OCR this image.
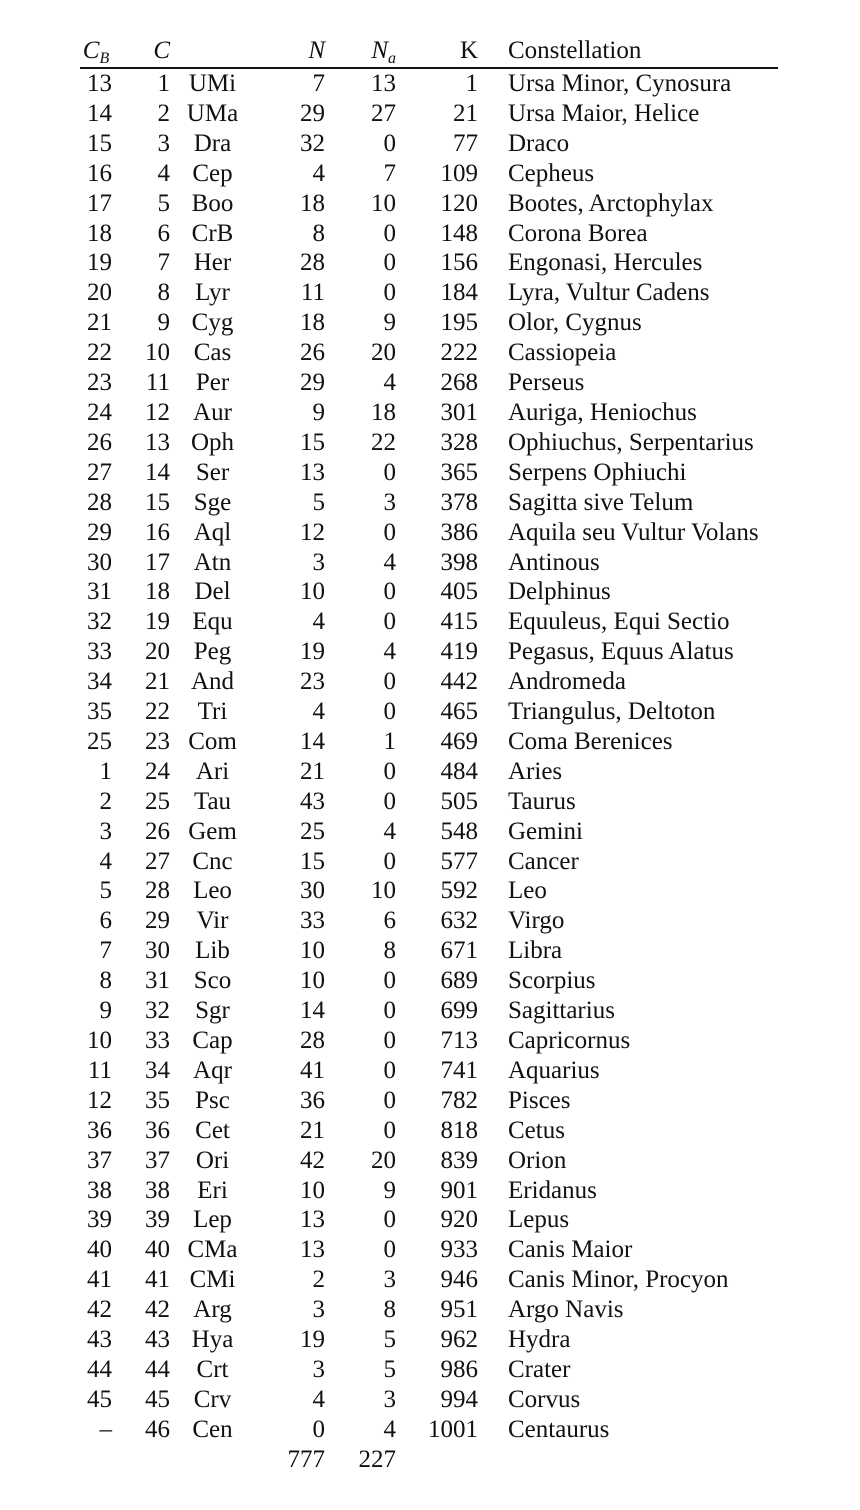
$C_B$	C		N	$N_a$	K	Constellation
13	1	UMi	7	13	1	Ursa Minor, Cynosura
14	2	UMa	29	27	21	Ursa Maior, Helice
15	3	Dra	32	0	77	Draco
16	4	Cep	4	7	109	Cepheus
17	5	Boo	18	10	120	Bootes, Arctophylax
18	6	CrB	8	0	148	Corona Borea
19	7	Her	28	0	156	Engonasi, Hercules
20	8	Lyr	11	0	184	Lyra, Vultur Cadens
21	9	Cyg	18	9	195	Olor, Cygnus
22	10	Cas	26	20	222	Cassiopeia
23	11	Per	29	4	268	Perseus
24	12	Aur	9	18	301	Auriga, Heniochus
26	13	Oph	15	22	328	Ophiuchus, Serpentarius
27	14	Ser	13	0	365	Serpens Ophiuchi
28	15	Sge	5	3	378	Sagitta sive Telum
29	16	Aql	12	0	386	Aquila seu Vultur Volans
30	17	Atn	3	4	398	Antinous
31	18	Del	10	0	405	Delphinus
32	19	Equ	4	0	415	Equuleus, Equi Sectio
33	20	Peg	19	4	419	Pegasus, Equus Alatus
34	21	And	23	0	442	Andromeda
35	22	Tri	4	0	465	Triangulus, Deltoton
25	23	Com	14	1	469	Coma Berenices
1	24	Ari	21	0	484	Aries
2	25	Tau	43	0	505	Taurus
3	26	Gem	25	4	548	Gemini
4	27	Cnc	15	0	577	Cancer
5	28	Leo	30	10	592	Leo
6	29	Vir	33	6	632	Virgo
7	30	Lib	10	8	671	Libra
8	31	Sco	10	0	689	Scorpius
9	32	Sgr	14	0	699	Sagittarius
10	33	Cap	28	0	713	Capricornus
11	34	Aqr	41	0	741	Aquarius
12	35	Psc	36	0	782	Pisces
36	36	Cet	21	0	818	Cetus
37	37	Ori	42	20	839	Orion
38	38	Eri	10	9	901	Eridanus
39	39	Lep	13	0	920	Lepus
40	40	CMa	13	0	933	Canis Maior
41	41	CMi	2	3	946	Canis Minor, Procyon
42	42	Arg	3	8	951	Argo Navis
43	43	Hya	19	5	962	Hydra
44	44	Crt	3	5	986	Crater
45	45	Crv	4	3	994	Corvus
–	46	Cen	0	4	1001	Centaurus
			777	227		
